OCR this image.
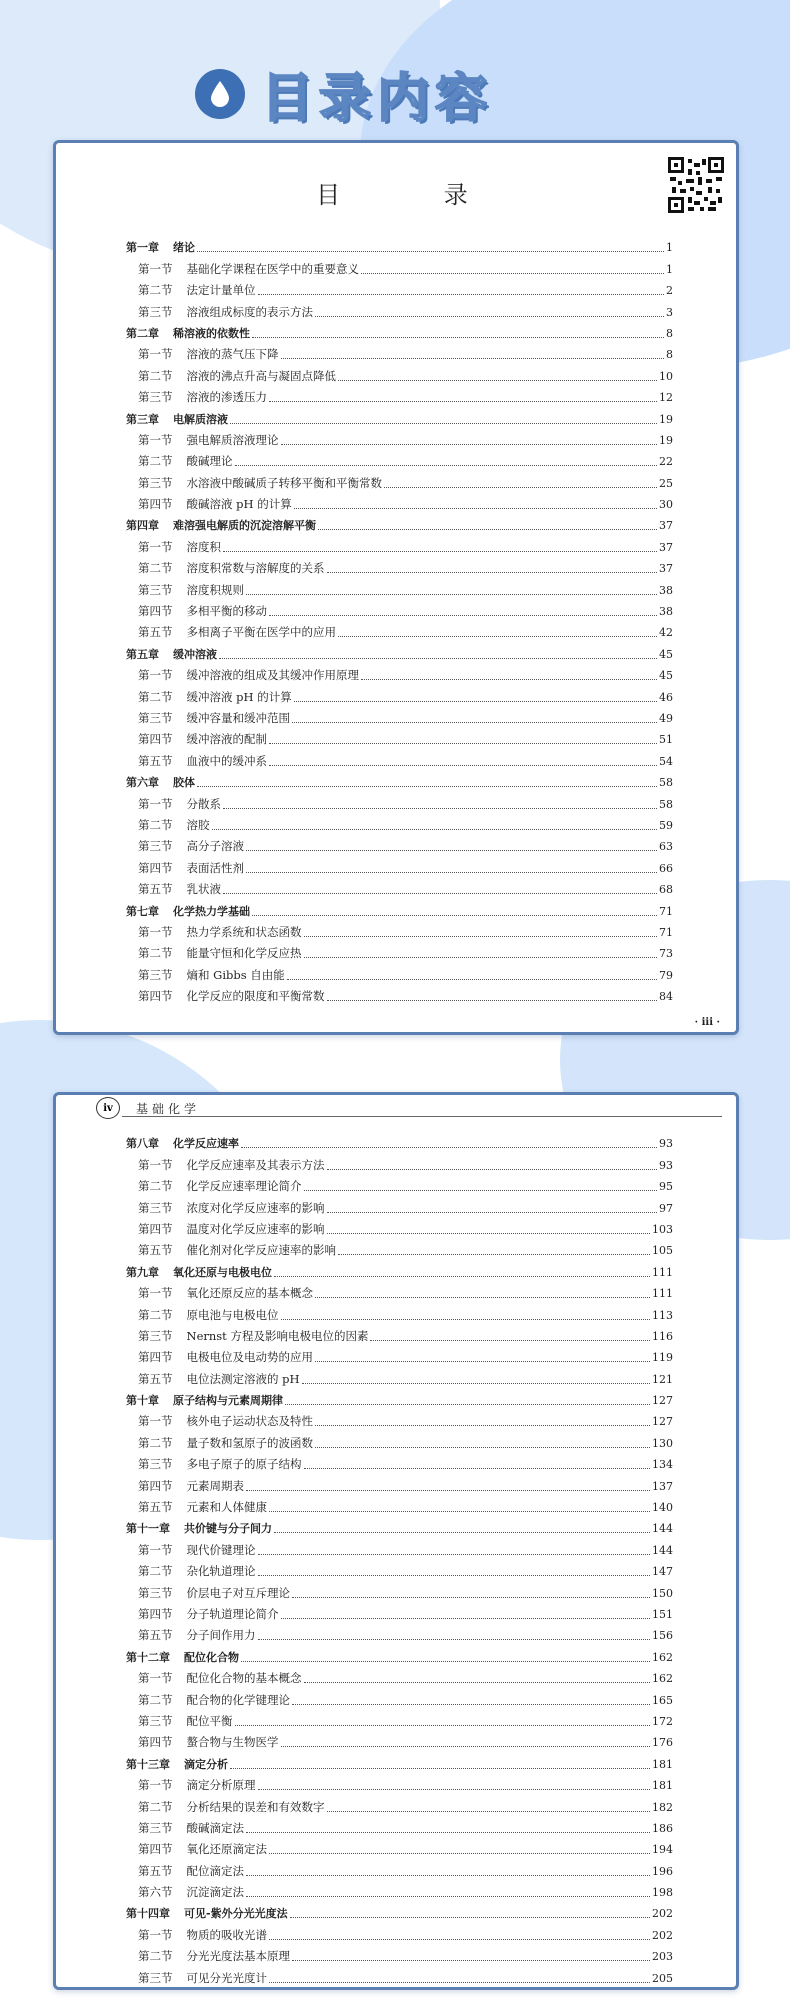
目录内容
目 录
第一章 绪论	1
第一节 基础化学课程在医学中的重要意义	1
第二节 法定计量单位	2
第三节 溶液组成标度的表示方法	3
第二章 稀溶液的依数性	8
第一节 溶液的蒸气压下降	8
第二节 溶液的沸点升高与凝固点降低	10
第三节 溶液的渗透压力	12
第三章 电解质溶液	19
第一节 强电解质溶液理论	19
第二节 酸碱理论	22
第三节 水溶液中酸碱质子转移平衡和平衡常数	25
第四节 酸碱溶液 pH 的计算	30
第四章 难溶强电解质的沉淀溶解平衡	37
第一节 溶度积	37
第二节 溶度积常数与溶解度的关系	37
第三节 溶度积规则	38
第四节 多相平衡的移动	38
第五节 多相离子平衡在医学中的应用	42
第五章 缓冲溶液	45
第一节 缓冲溶液的组成及其缓冲作用原理	45
第二节 缓冲溶液 pH 的计算	46
第三节 缓冲容量和缓冲范围	49
第四节 缓冲溶液的配制	51
第五节 血液中的缓冲系	54
第六章 胶体	58
第一节 分散系	58
第二节 溶胶	59
第三节 高分子溶液	63
第四节 表面活性剂	66
第五节 乳状液	68
第七章 化学热力学基础	71
第一节 热力学系统和状态函数	71
第二节 能量守恒和化学反应热	73
第三节 熵和 Gibbs 自由能	79
第四节 化学反应的限度和平衡常数	84
· iii ·
iv	基础化学
第八章 化学反应速率	93
第一节 化学反应速率及其表示方法	93
第二节 化学反应速率理论简介	95
第三节 浓度对化学反应速率的影响	97
第四节 温度对化学反应速率的影响	103
第五节 催化剂对化学反应速率的影响	105
第九章 氧化还原与电极电位	111
第一节 氧化还原反应的基本概念	111
第二节 原电池与电极电位	113
第三节 Nernst 方程及影响电极电位的因素	116
第四节 电极电位及电动势的应用	119
第五节 电位法测定溶液的 pH	121
第十章 原子结构与元素周期律	127
第一节 核外电子运动状态及特性	127
第二节 量子数和氢原子的波函数	130
第三节 多电子原子的原子结构	134
第四节 元素周期表	137
第五节 元素和人体健康	140
第十一章 共价键与分子间力	144
第一节 现代价键理论	144
第二节 杂化轨道理论	147
第三节 价层电子对互斥理论	150
第四节 分子轨道理论简介	151
第五节 分子间作用力	156
第十二章 配位化合物	162
第一节 配位化合物的基本概念	162
第二节 配合物的化学键理论	165
第三节 配位平衡	172
第四节 螯合物与生物医学	176
第十三章 滴定分析	181
第一节 滴定分析原理	181
第二节 分析结果的误差和有效数字	182
第三节 酸碱滴定法	186
第四节 氧化还原滴定法	194
第五节 配位滴定法	196
第六节 沉淀滴定法	198
第十四章 可见-紫外分光光度法	202
第一节 物质的吸收光谱	202
第二节 分光光度法基本原理	203
第三节 可见分光光度计	205
